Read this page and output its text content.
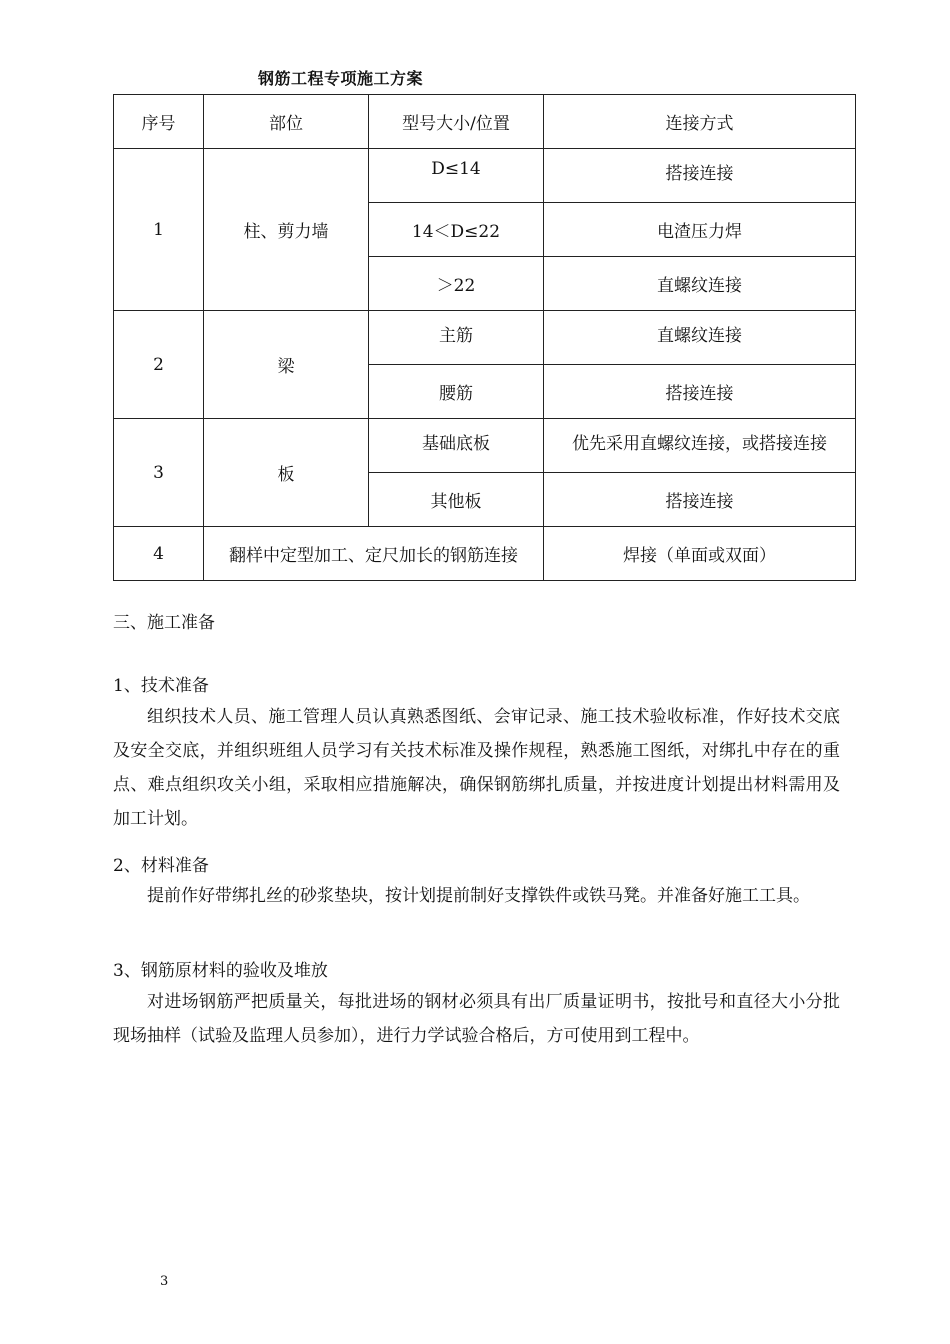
钢筋工程专项施工方案
序号	部位	型号大小/位置	连接方式
1	柱、剪力墙	D≤14	搭接连接
		14＜D≤22	电渣压力焊
		＞22	直螺纹连接
2	梁	主筋	直螺纹连接
		腰筋	搭接连接
3	板	基础底板	优先采用直螺纹连接，或搭接连接
		其他板	搭接连接
4	翻样中定型加工、定尺加长的钢筋连接		焊接（单面或双面）
三、施工准备
1、技术准备
组织技术人员、施工管理人员认真熟悉图纸、会审记录、施工技术验收标准，作好技术交底及安全交底，并组织班组人员学习有关技术标准及操作规程，熟悉施工图纸，对绑扎中存在的重点、难点组织攻关小组，采取相应措施解决，确保钢筋绑扎质量，并按进度计划提出材料需用及加工计划。
2、材料准备
提前作好带绑扎丝的砂浆垫块，按计划提前制好支撑铁件或铁马凳。并准备好施工工具。
3、钢筋原材料的验收及堆放
对进场钢筋严把质量关，每批进场的钢材必须具有出厂质量证明书，按批号和直径大小分批现场抽样（试验及监理人员参加），进行力学试验合格后，方可使用到工程中。
3
